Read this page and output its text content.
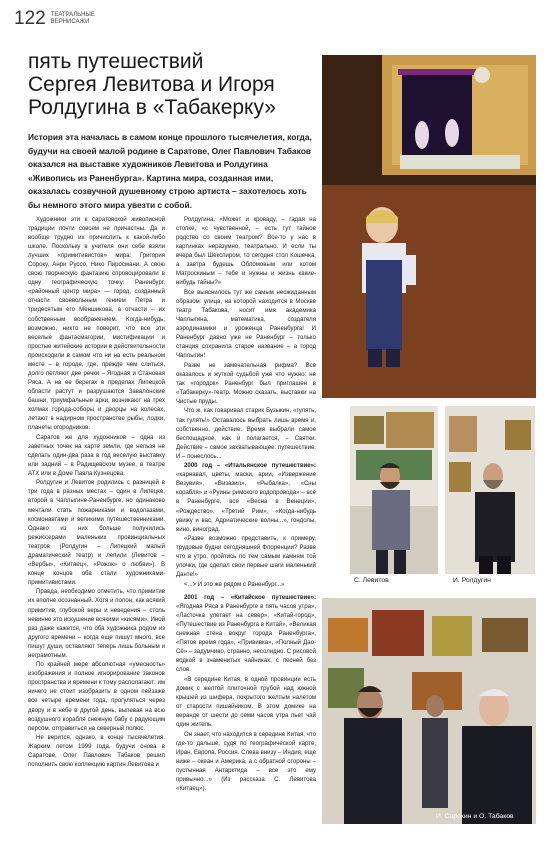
122 ТЕАТРАЛЬНЫЕ ВЕРНИСАЖИ
пять путешествий
Сергея Левитова и Игоря
Ролдугина в «Табакерку»
История эта началась в самом конце прошлого тысячелетия, когда, будучи на своей малой родине в Саратове, Олег Павлович Табаков оказался на выставке художников Левитова и Ролдугина «Живопись из Раненбурга». Картина мира, созданная ими, оказалась созвучной душевному строю артиста – захотелось хоть бы немного этого мира увезти с собой.

Художники эти к саратовской живописной традиции почти совсем не причастны. Да и вообще трудно их причислить к какой-либо школе. Поскольку в учителя они себе взяли лучших «примитивистов» мира: Григория Сороку, Анри Руссо, Нико Пиросмани. А свою свою творческую фантазию спровоцировали в одну географическую точку: Раненбург, «районный центр мира» — город, созданный отчасти своевольным гением Петра и тридесятым его Меншикова, а отчасти – их собственным воображением. Когда-нибудь, возможно, никто не поверит, что все эти веселые фантасмагории, мистификации и простые житейские истории в действительности происходили в самом что ни на есть реальном месте – в городе, где, прежде чем слиться, долго петляют две речки – Ягодная и Становая Ряса. А на ее берегах в пределах Липецкой области растут и разрушаются Завалонские башни, триумфальные арки, возникают на трех холмах города-соборы и дворцы на колесах, летают в надирном пространстве рыбы, лодки, планеты огородников.

Саратов же для художников – одна из заветных точек на карте земли, где нельзя не сделать один-два раза в год веселую выставку или задний – в Радищевском музее, в театре АТХ или в Доме Павла Кузнецова.

Ролдугин и Левитов родились с разницей в три года в разных местах – один в Липецке, второй в Чаплыгине-Раненбурге, но одинаково мечтали стать пожарниками и водолазами, космонавтами и великими путешественниками. Однако из них больше получились режиссерами маленьких провинциальных театров (Ролдугин – Липецкий малый драматический театр) и лепили (Левитов – «Вербы», «Китаец», «Рожок» о любви»). В конце концов оба стали художниками-примитивистами.

Правда, необходимо отметить, что примитив их вполне осознанный. Хотя и полон, как всякий примитив, глубокой веры и неведения – столь невинно это искушение всякими «кисями». Иной раз даже кажется, что оба художника родом из другого времени – когда еще пишут много, все пишут души, оставляют теперь лишь больным и неграмотным.

По крайней мере абсолютная «умесность» изображения и полное игнорирование законов пространства и времени к тому располагают: им ничего не стоит изобразить в одном пейзаже все четыре времени года, прогуляться через двору и в небе в другой день, выпевая на всю воздушного корабля снежную бабу с радующим персом, отправиться на северный полюс.

Не верится, однако, в конце тысячелетия. Жарким летом 1999 года, будучи снова в Саратове, Олег Павлович Табаков решил пополнить свою коллекцию картин Левитова и

Ролдугина. «Может и кроваду, – гадая на стопке, «с чувственной, – есть тут тайное родство со своим театром? Все-то у нас в картинках неразумно, театрально. И если ты вчера был Шекспиром, то сегодня стол Кошечка, а завтра будешь Обломовым или котом Матроскиным – тебе и нужны и жизнь какие-нибудь тайны?»

Все выяснилось тут же самым неожиданным образом: улица, на которой находится в Москве театр Табакова, носит имя академика Чаплыгина, математика, создателя аэродинамики и уроженца Раненбурга! И Раненбург давно уже не Раненбург – только станция сохранила старое название – а город Чаплыгин!

Разве не замечательная рифма? Все оказалось и жуткой судьбой уже что нужно: не так «городок» Раненбург был приглашен в «Табакерку»-театр. Можно сказать, выставки на Чистые пруды.

Что ж, как говаривал старик Бузыкин, «гулять, так гулять!» Оставалось выбрать лишь время и, собственно, действие. Время выбрали самое беспощадное, как и полагается, – Святки. Действие – самое захватывающее: путешествие. И – понеслось...

2000 год – «Итальянское путешествие»: «карнавал, цветы, маски, арии, «Извержение Везувия», «Визазил», «Рыбалка», «Сны корабля» и «Руины римского водопровода» – все в Раненбурге, все «Весна в Венеции», «Рождество», «Третий Рим», «Когда-нибудь увижу и вас, Адриатические волны...», гондолы, вино, виноград.

«Разве возможно представить, к примеру, трудовые будни сегодняшней Флоренции? Разве что в утро, пройтись по тем самым камням той улочки, где сделал свои первые шаги маленький Данте!»

<...> И это же рядом с Раненбург...»

2001 год – «Китайское путешествие»: «Ягодная Ряса в Раненбурге в пять часов утра», «Ласточка улетает на север», «Китай-город», «Путешествие из Раненбурга в Китай», «Великая снежная стена вокруг города Раненбурга», «Пятое время года», «Прививка», «Полный Дао-Сё» – задумчиво, странно, несолидно. С рисовой водкой в знаменитых чайниках, с песней без слов.

«В середине Китая, в одной провинции есть домик с желтой плиточной трубой над южной крышей из шифера, покрытого желтым налетом от старости пишайником. В этом домике на веранде от шести до семи часов утра пьет чай один житель.

Он знает, что находится в середине Китая, что где-то дальше, судя по географической карте, Иран, Европа, Россия. Слева внизу – Индия, еще ниже – океан и Америка, а с обратной стороны – пустынная Антарктида – все это ему привычно...» (Из рассказа С. Левитова «Китаец»).

С. Левитов	И. Ролдугин
И. Сорокин и О. Табаков
